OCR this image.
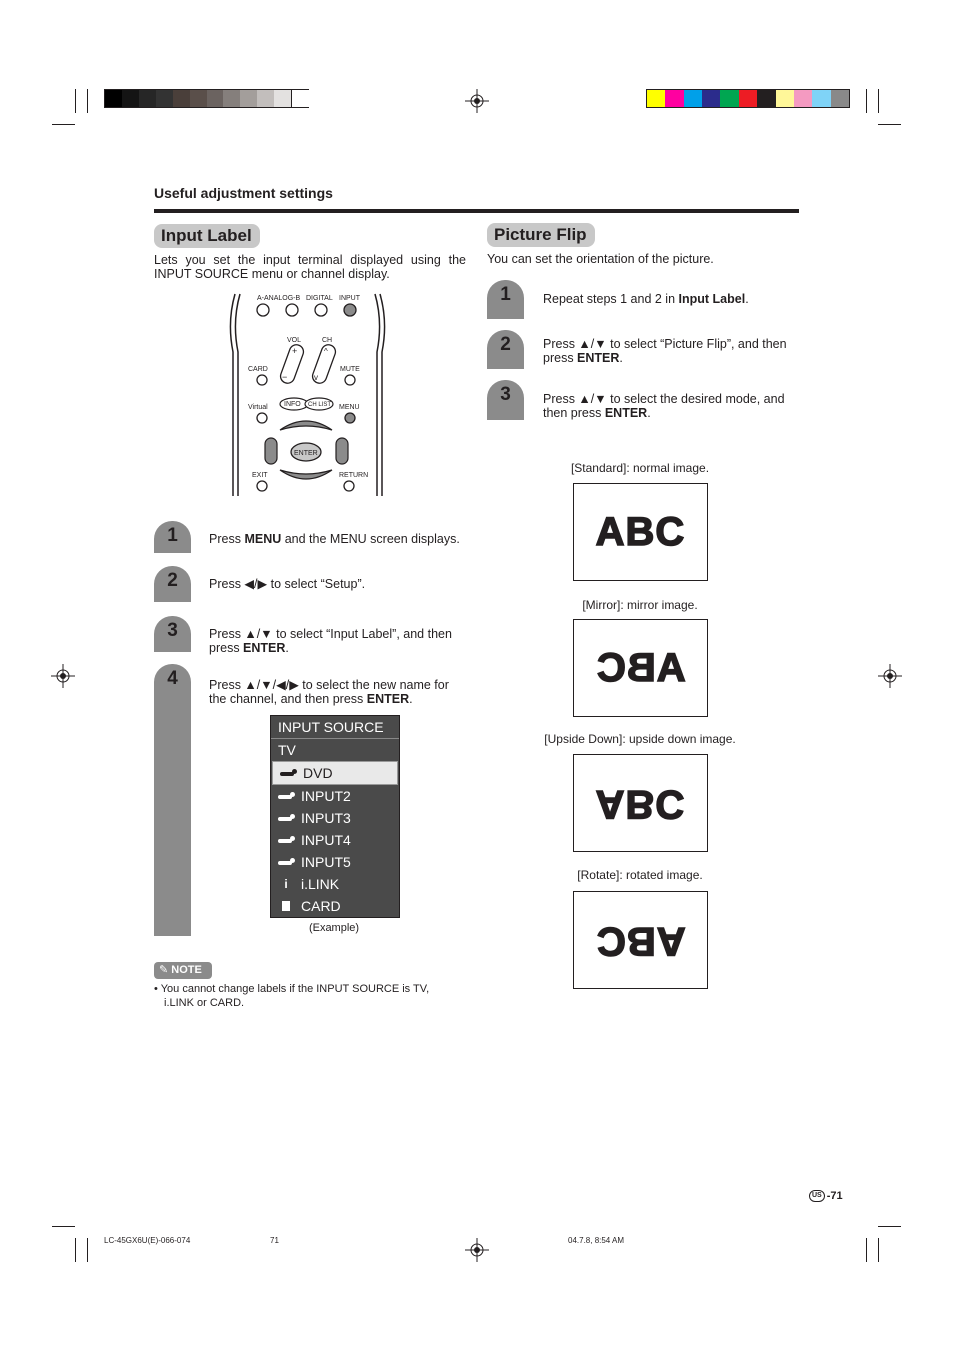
Useful adjustment settings
Input Label
Lets you set the input terminal displayed using the INPUT SOURCE menu or channel display.
A-ANALOG-B DIGITAL INPUT
VOL	CH
+
−
^
v
CARD	MUTE
Virtual INFO CH LIST MENU
ENTER
EXIT	RETURN
1	Press MENU and the MENU screen displays.
2	Press ◀/▶ to select “Setup”.
3	Press ▲/▼ to select “Input Label”, and then
press ENTER.
4	Press ▲/▼/◀/▶ to select the new name for
the channel, and then press ENTER.
INPUT SOURCE
TV
DVD
INPUT2
INPUT3
INPUT4
INPUT5
i i.LINK
CARD
(Example)
✎ NOTE
• You cannot change labels if the INPUT SOURCE is TV,
i.LINK or CARD.
Picture Flip
You can set the orientation of the picture.
1	Repeat steps 1 and 2 in Input Label.
2	Press ▲/▼ to select “Picture Flip”, and then
press ENTER.
3	Press ▲/▼ to select the desired mode, and
then press ENTER.
[Standard]: normal image.
ABC
[Mirror]: mirror image.
ABC
[Upside Down]: upside down image.
ABC
[Rotate]: rotated image.
ABC
US -71
LC-45GX6U(E)-066-074	71	04.7.8, 8:54 AM
